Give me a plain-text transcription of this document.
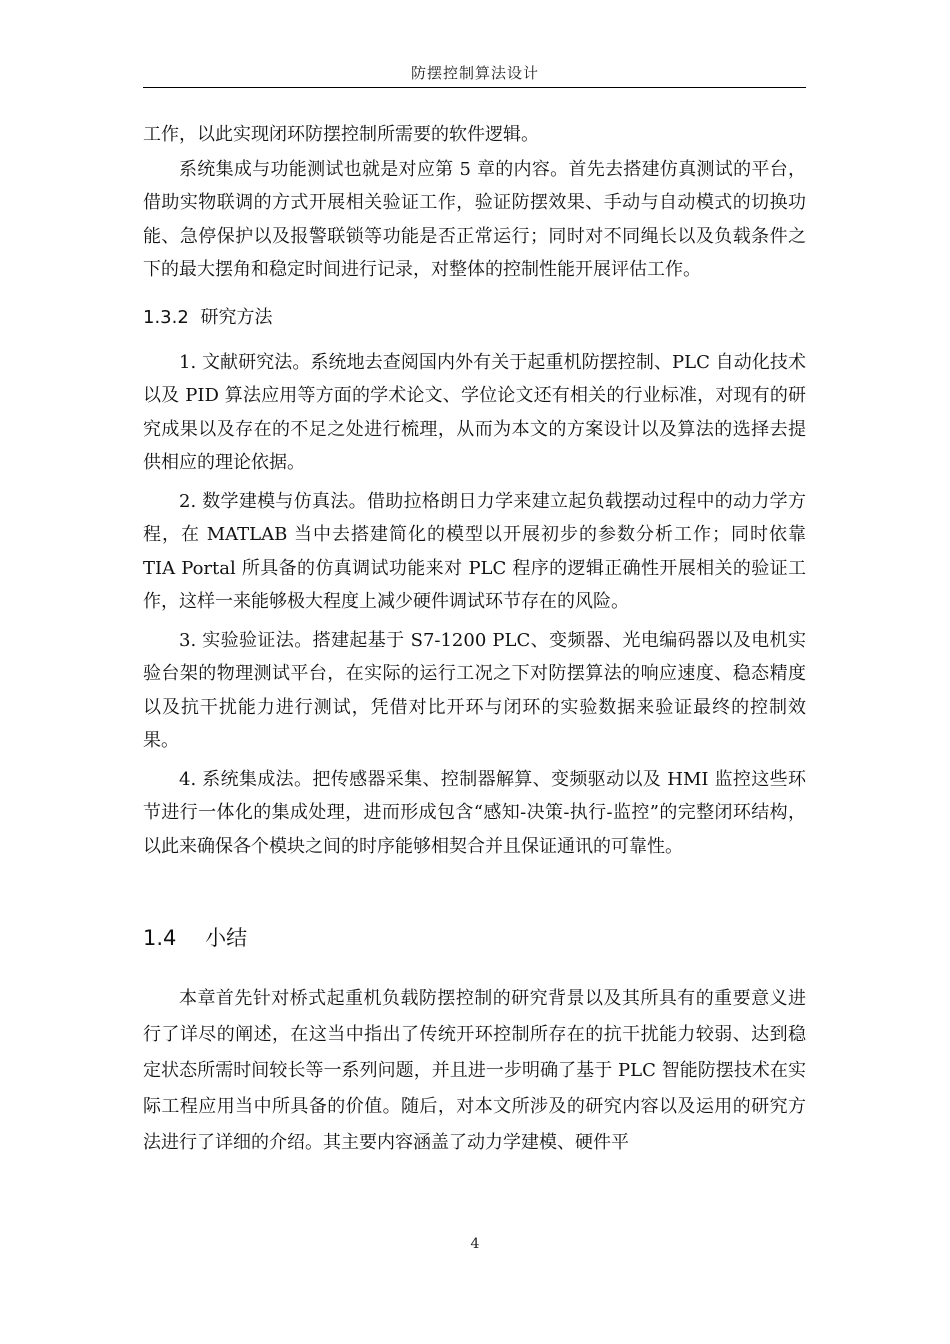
防摆控制算法设计

工作，以此实现闭环防摆控制所需要的软件逻辑。

系统集成与功能测试也就是对应第 5 章的内容。首先去搭建仿真测试的平台，借助实物联调的方式开展相关验证工作，验证防摆效果、手动与自动模式的切换功能、急停保护以及报警联锁等功能是否正常运行；同时对不同绳长以及负载条件之下的最大摆角和稳定时间进行记录，对整体的控制性能开展评估工作。

1.3.2 研究方法

1. 文献研究法。系统地去查阅国内外有关于起重机防摆控制、PLC 自动化技术以及 PID 算法应用等方面的学术论文、学位论文还有相关的行业标准，对现有的研究成果以及存在的不足之处进行梳理，从而为本文的方案设计以及算法的选择去提供相应的理论依据。

2. 数学建模与仿真法。借助拉格朗日力学来建立起负载摆动过程中的动力学方程，在 MATLAB 当中去搭建简化的模型以开展初步的参数分析工作；同时依靠 TIA Portal 所具备的仿真调试功能来对 PLC 程序的逻辑正确性开展相关的验证工作，这样一来能够极大程度上减少硬件调试环节存在的风险。

3. 实验验证法。搭建起基于 S7-1200 PLC、变频器、光电编码器以及电机实验台架的物理测试平台，在实际的运行工况之下对防摆算法的响应速度、稳态精度以及抗干扰能力进行测试，凭借对比开环与闭环的实验数据来验证最终的控制效果。

4. 系统集成法。把传感器采集、控制器解算、变频驱动以及 HMI 监控这些环节进行一体化的集成处理，进而形成包含“感知-决策-执行-监控”的完整闭环结构，以此来确保各个模块之间的时序能够相契合并且保证通讯的可靠性。

1.4 小结

本章首先针对桥式起重机负载防摆控制的研究背景以及其所具有的重要意义进行了详尽的阐述，在这当中指出了传统开环控制所存在的抗干扰能力较弱、达到稳定状态所需时间较长等一系列问题，并且进一步明确了基于 PLC 智能防摆技术在实际工程应用当中所具备的价值。随后，对本文所涉及的研究内容以及运用的研究方法进行了详细的介绍。其主要内容涵盖了动力学建模、硬件平

4
